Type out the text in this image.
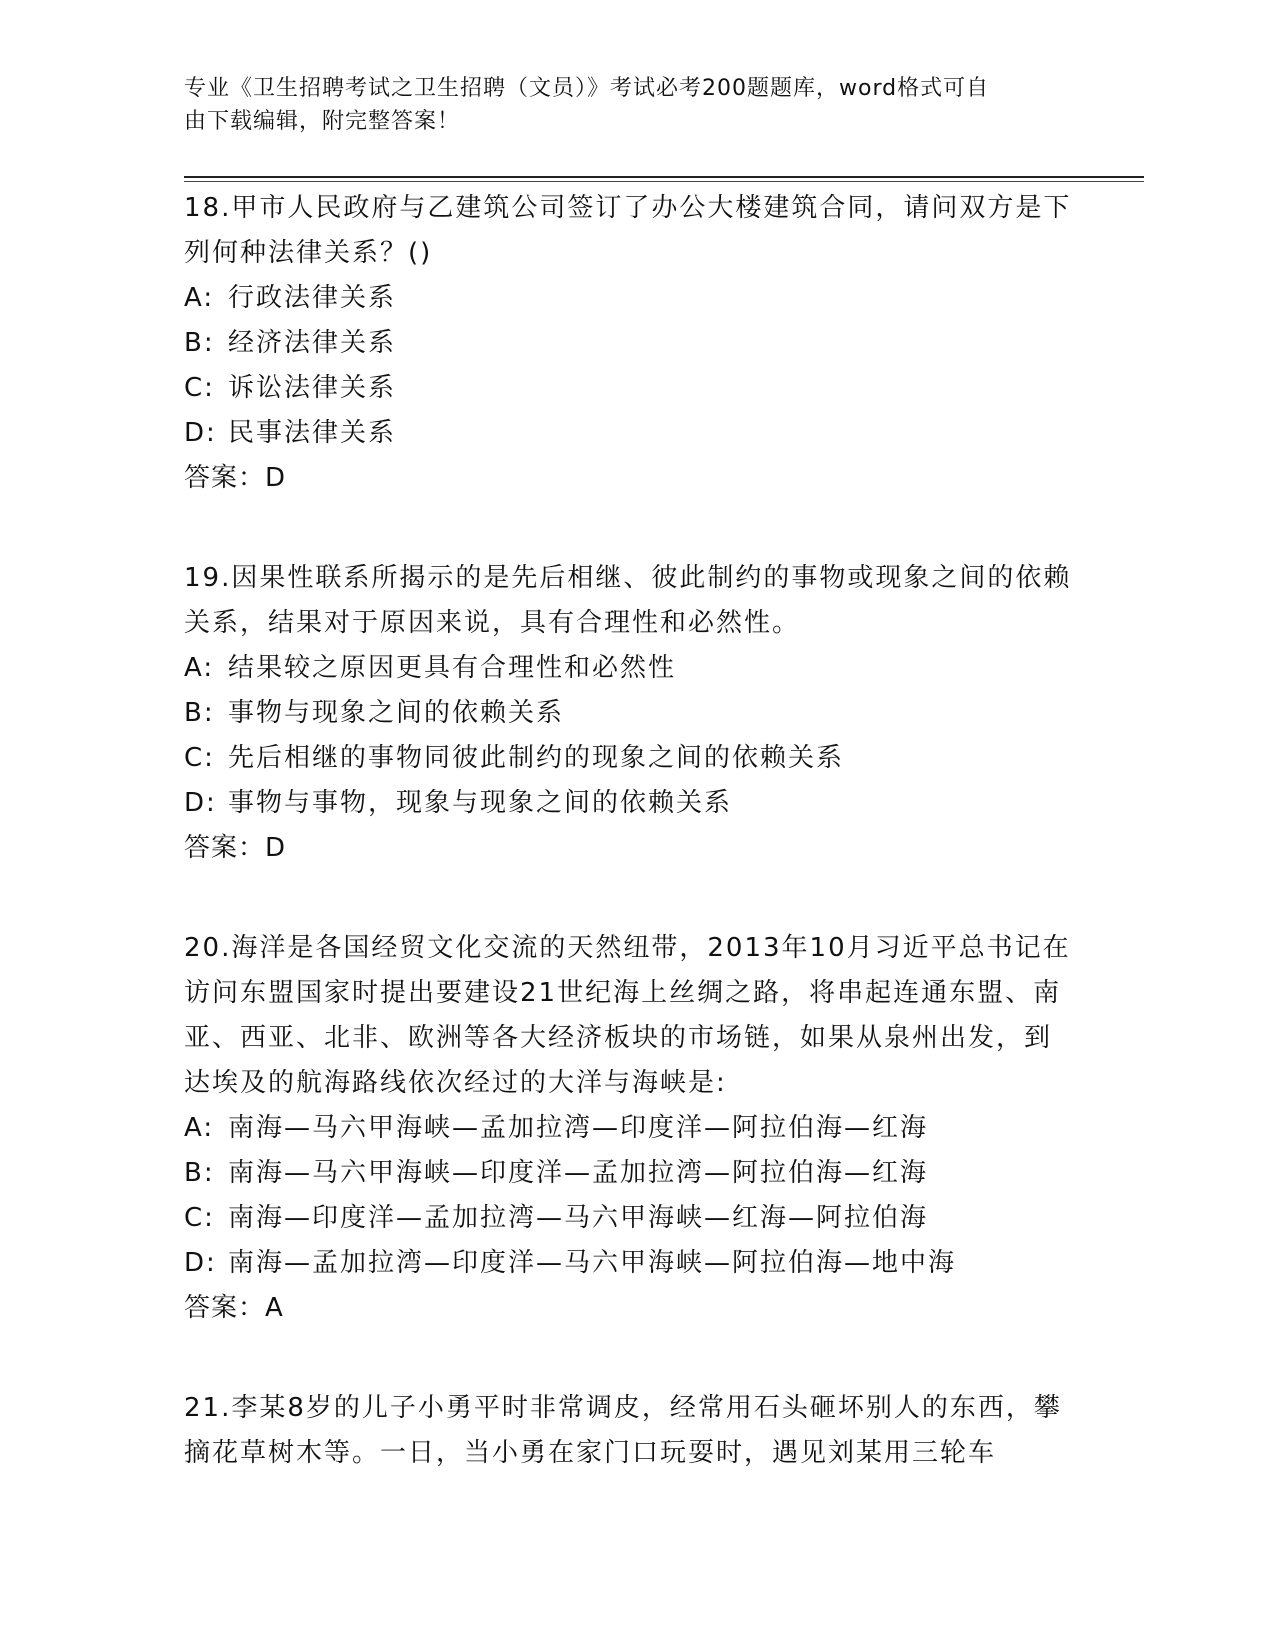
专业《卫生招聘考试之卫生招聘（文员）》考试必考200题题库，word格式可自
由下载编辑，附完整答案！

18.甲市人民政府与乙建筑公司签订了办公大楼建筑合同，请问双方是下列何种法律关系？()

A: 行政法律关系

B: 经济法律关系

C: 诉讼法律关系

D: 民事法律关系

答案：D

19.因果性联系所揭示的是先后相继、彼此制约的事物或现象之间的依赖关系，结果对于原因来说，具有合理性和必然性。

A: 结果较之原因更具有合理性和必然性

B: 事物与现象之间的依赖关系

C: 先后相继的事物同彼此制约的现象之间的依赖关系

D: 事物与事物，现象与现象之间的依赖关系

答案：D

20.海洋是各国经贸文化交流的天然纽带，2013年10月习近平总书记在访问东盟国家时提出要建设21世纪海上丝绸之路，将串起连通东盟、南亚、西亚、北非、欧洲等各大经济板块的市场链，如果从泉州出发，到达埃及的航海路线依次经过的大洋与海峡是:

A: 南海—马六甲海峡—孟加拉湾—印度洋—阿拉伯海—红海

B: 南海—马六甲海峡—印度洋—孟加拉湾—阿拉伯海—红海

C: 南海—印度洋—孟加拉湾—马六甲海峡—红海—阿拉伯海

D: 南海—孟加拉湾—印度洋—马六甲海峡—阿拉伯海—地中海

答案：A

21.李某8岁的儿子小勇平时非常调皮，经常用石头砸坏别人的东西，攀摘花草树木等。一日，当小勇在家门口玩耍时，遇见刘某用三轮车
